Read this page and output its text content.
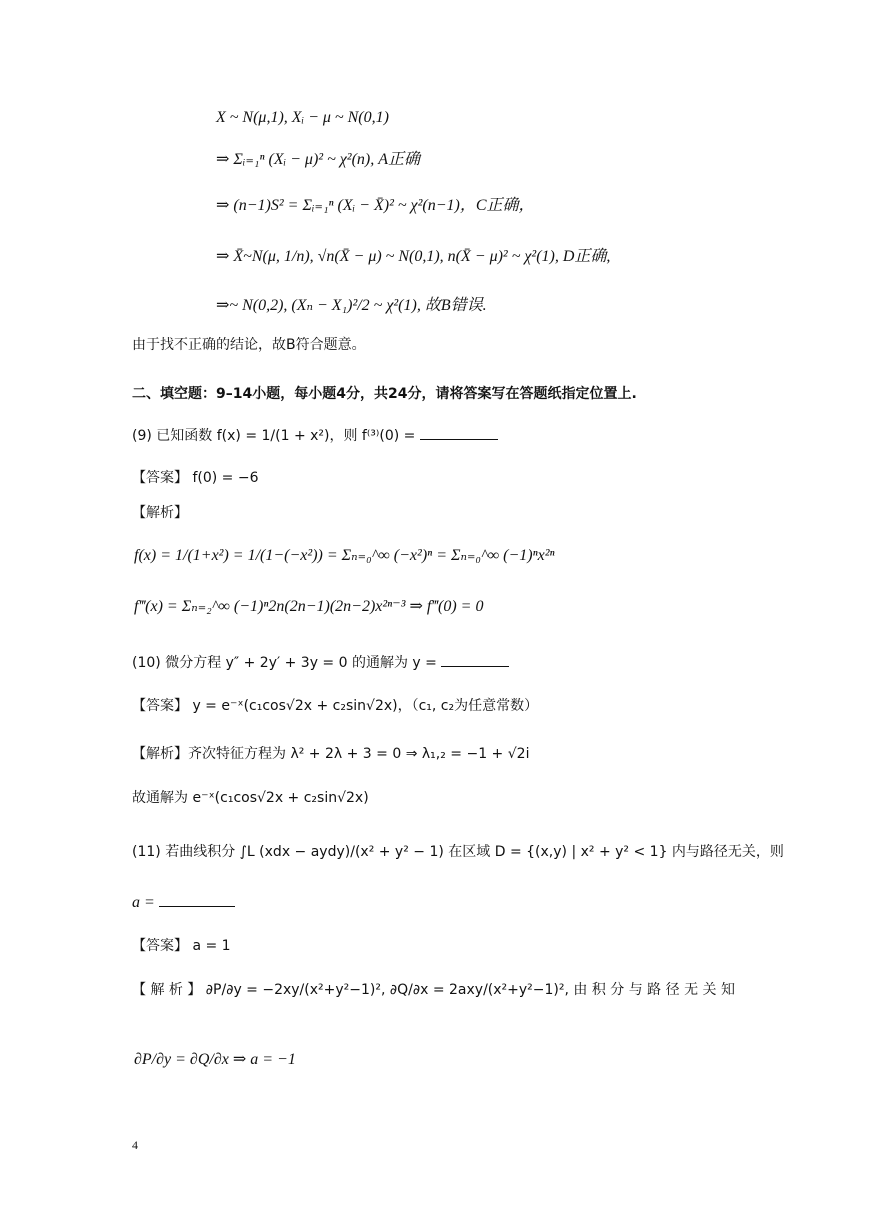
X ~ N(μ,1), Xᵢ − μ ~ N(0,1)
⇒ Σᵢ₌₁ⁿ (Xᵢ − μ)² ~ χ²(n), A正确
⇒ (n−1)S² = Σᵢ₌₁ⁿ (Xᵢ − X̄)² ~ χ²(n−1)，C正确，
⇒ X̄~N(μ, 1/n), √n(X̄ − μ) ~ N(0,1), n(X̄ − μ)² ~ χ²(1), D正确,
⇒~ N(0,2), (Xₙ − X₁)²/2 ~ χ²(1), 故B错误.
由于找不正确的结论，故B符合题意。
二、填空题：9–14小题，每小题4分，共24分，请将答案写在答题纸指定位置上.
(9) 已知函数 f(x) = 1/(1 + x²)，则 f⁽³⁾(0) =
【答案】 f(0) = −6
【解析】
f(x) = 1/(1+x²) = 1/(1−(−x²)) = Σₙ₌₀^∞ (−x²)ⁿ = Σₙ₌₀^∞ (−1)ⁿx²ⁿ
f‴(x) = Σₙ₌₂^∞ (−1)ⁿ2n(2n−1)(2n−2)x²ⁿ⁻³ ⇒ f‴(0) = 0
(10) 微分方程 y″ + 2y′ + 3y = 0 的通解为 y =
【答案】 y = e⁻ˣ(c₁cos√2x + c₂sin√2x)，（c₁, c₂为任意常数）
【解析】齐次特征方程为 λ² + 2λ + 3 = 0 ⇒ λ₁,₂ = −1 + √2i
故通解为 e⁻ˣ(c₁cos√2x + c₂sin√2x)
(11) 若曲线积分 ∫L (xdx − aydy)/(x² + y² − 1) 在区域 D = {(x,y) | x² + y² < 1} 内与路径无关，则
a =
【答案】 a = 1
【 解 析 】 ∂P/∂y = −2xy/(x²+y²−1)², ∂Q/∂x = 2axy/(x²+y²−1)², 由 积 分 与 路 径 无 关 知
∂P/∂y = ∂Q/∂x ⇒ a = −1
4
